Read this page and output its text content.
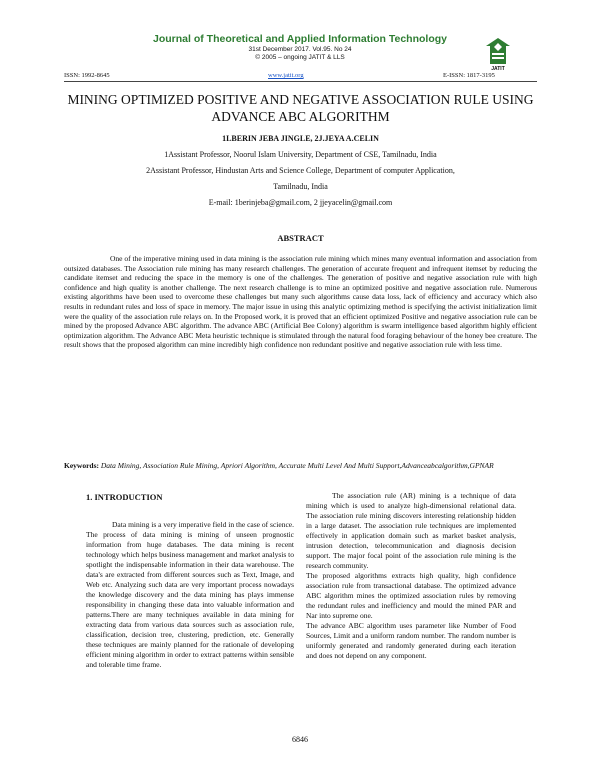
Journal of Theoretical and Applied Information Technology
31st December 2017. Vol.95. No 24
© 2005 – ongoing JATIT & LLS
JATIT
ISSN: 1992-8645	www.jatit.org	E-ISSN: 1817-3195
MINING OPTIMIZED POSITIVE AND NEGATIVE ASSOCIATION RULE USING ADVANCE ABC ALGORITHM
1LBERIN JEBA JINGLE, 2J.JEYA A.CELIN
1Assistant Professor, Noorul Islam University, Department of CSE, Tamilnadu, India
2Assistant Professor, Hindustan Arts and Science College, Department of computer Application,
Tamilnadu, India
E-mail: 1berinjeba@gmail.com, 2 jjeyacelin@gmail.com
ABSTRACT

One of the imperative mining used in data mining is the association rule mining which mines many eventual information and association from outsized databases. The Association rule mining has many research challenges. The generation of accurate frequent and infrequent itemset by reducing the candidate itemset and reducing the space in the memory is one of the challenges. The generation of positive and negative association rule with high confidence and high quality is another challenge. The next research challenge is to mine an optimized positive and negative association rule. Numerous existing algorithms have been used to overcome these challenges but many such algorithms cause data loss, lack of efficiency and accuracy which also results in redundant rules and loss of space in memory. The major issue in using this analytic optimizing method is specifying the activist initialization limit were the quality of the association rule relays on. In the Proposed work, it is proved that an efficient optimized Positive and negative association rule can be mined by the proposed Advance ABC algorithm. The advance ABC (Artificial Bee Colony) algorithm is swarm intelligence based algorithm highly efficient optimization algorithm. The Advance ABC Meta heuristic technique is stimulated through the natural food foraging behaviour of the honey bee creature. The result shows that the proposed algorithm can mine incredibly high confidence non redundant positive and negative association rule with less time.

Keywords: Data Mining, Association Rule Mining, Apriori Algorithm, Accurate Multi Level And Multi Support,Advanceabcalgorithm,GPNAR

1. INTRODUCTION

Data mining is a very imperative field in the case of science. The process of data mining is mining of unseen prognostic information from huge databases. The data mining is recent technology which helps business management and market analysis to spotlight the indispensable information in their data warehouse. The data's are extracted from different sources such as Text, Image, and Web etc. Analyzing such data are very important process nowadays the knowledge discovery and the data mining has plays immense responsibility in changing these data into valuable information and patterns.There are many techniques available in data mining for extracting data from various data sources such as association rule, classification, decision tree, clustering, prediction, etc. Generally these techniques are mainly planned for the rationale of developing efficient mining algorithm in order to extract patterns within sensible and tolerable time frame.

The association rule (AR) mining is a technique of data mining which is used to analyze high-dimensional relational data. The association rule mining discovers interesting relationship hidden in a large dataset. The association rule techniques are implemented effectively in application domain such as market basket analysis, intrusion detection, telecommunication and diagnosis decision support. The major focal point of the association rule mining is the research community.

The proposed algorithms extracts high quality, high confidence association rule from transactional database. The optimized advance ABC algorithm mines the optimized association rules by removing the redundant rules and inefficiency and mould the mined PAR and Nar into supreme one.

The advance ABC algorithm uses parameter like Number of Food Sources, Limit and a uniform random number. The random number is uniformly generated and randomly generated during each iteration and does not depend on any component.

6846
